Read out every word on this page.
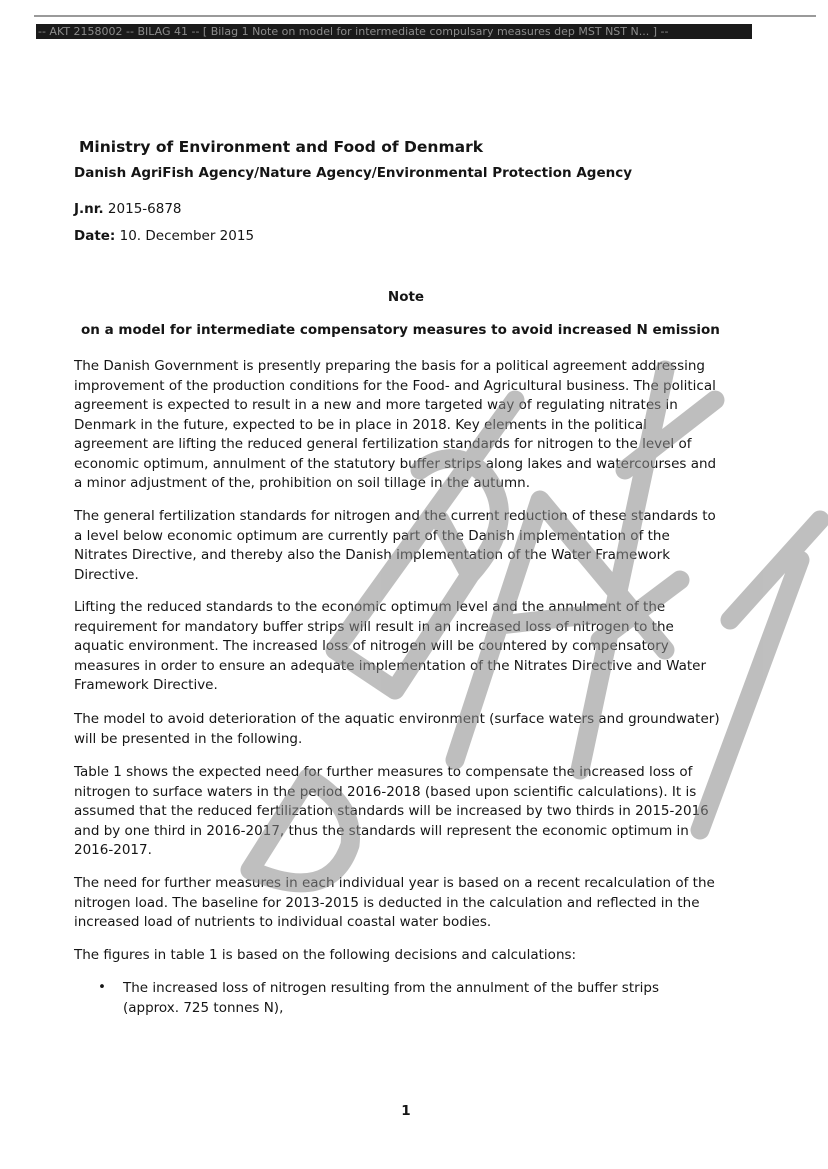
-- AKT 2158002 -- BILAG 41 -- [ Bilag 1 Note on model for intermediate compulsary measures dep MST NST N... ] --
Ministry of Environment and Food of Denmark
Danish AgriFish Agency/Nature Agency/Environmental Protection Agency
J.nr. 2015-6878
Date: 10. December 2015
Note
on a model for intermediate compensatory measures to avoid increased N emission
The Danish Government is presently preparing the basis for a political agreement addressing
improvement of the production conditions for the Food- and Agricultural business. The political
agreement is expected to result in a new and more targeted way of regulating nitrates in
Denmark in the future, expected to be in place in 2018. Key elements in the political
agreement are lifting the reduced general fertilization standards for nitrogen to the level of
economic optimum, annulment of the statutory buffer strips along lakes and watercourses and
a minor adjustment of the, prohibition on soil tillage in the autumn.
The general fertilization standards for nitrogen and the current reduction of these standards to
a level below economic optimum are currently part of the Danish implementation of the
Nitrates Directive, and thereby also the Danish implementation of the Water Framework
Directive.
Lifting the reduced standards to the economic optimum level and the annulment of the
requirement for mandatory buffer strips will result in an increased loss of nitrogen to the
aquatic environment. The increased loss of nitrogen will be countered by compensatory
measures in order to ensure an adequate implementation of the Nitrates Directive and Water
Framework Directive.
The model to avoid deterioration of the aquatic environment (surface waters and groundwater)
will be presented in the following.
Table 1 shows the expected need for further measures to compensate the increased loss of
nitrogen to surface waters in the period 2016-2018 (based upon scientific calculations). It is
assumed that the reduced fertilization standards will be increased by two thirds in 2015-2016
and by one third in 2016-2017, thus the standards will represent the economic optimum in
2016-2017.
The need for further measures in each individual year is based on a recent recalculation of the
nitrogen load. The baseline for 2013-2015 is deducted in the calculation and reflected in the
increased load of nutrients to individual coastal water bodies.
The figures in table 1 is based on the following decisions and calculations:
• The increased loss of nitrogen resulting from the annulment of the buffer strips
(approx. 725 tonnes N),
1
